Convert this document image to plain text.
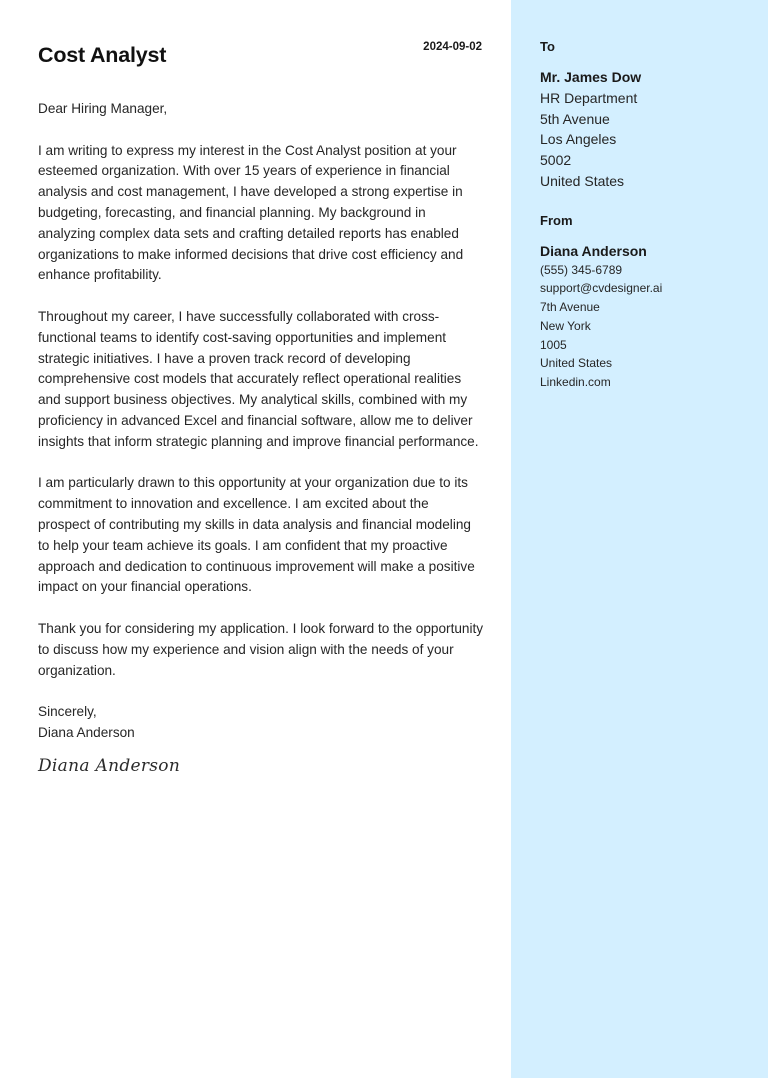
Cost Analyst	2024-09-02

Dear Hiring Manager,

I am writing to express my interest in the Cost Analyst position at your esteemed organization. With over 15 years of experience in financial analysis and cost management, I have developed a strong expertise in budgeting, forecasting, and financial planning. My background in analyzing complex data sets and crafting detailed reports has enabled organizations to make informed decisions that drive cost efficiency and enhance profitability.

Throughout my career, I have successfully collaborated with cross-functional teams to identify cost-saving opportunities and implement strategic initiatives. I have a proven track record of developing comprehensive cost models that accurately reflect operational realities and support business objectives. My analytical skills, combined with my proficiency in advanced Excel and financial software, allow me to deliver insights that inform strategic planning and improve financial performance.

I am particularly drawn to this opportunity at your organization due to its commitment to innovation and excellence. I am excited about the prospect of contributing my skills in data analysis and financial modeling to help your team achieve its goals. I am confident that my proactive approach and dedication to continuous improvement will make a positive impact on your financial operations.

Thank you for considering my application. I look forward to the opportunity to discuss how my experience and vision align with the needs of your organization.

Sincerely,
Diana Anderson
Diana Anderson
To
Mr. James Dow
HR Department
5th Avenue
Los Angeles
5002
United States
From
Diana Anderson
(555) 345-6789
support@cvdesigner.ai
7th Avenue
New York
1005
United States
Linkedin.com
